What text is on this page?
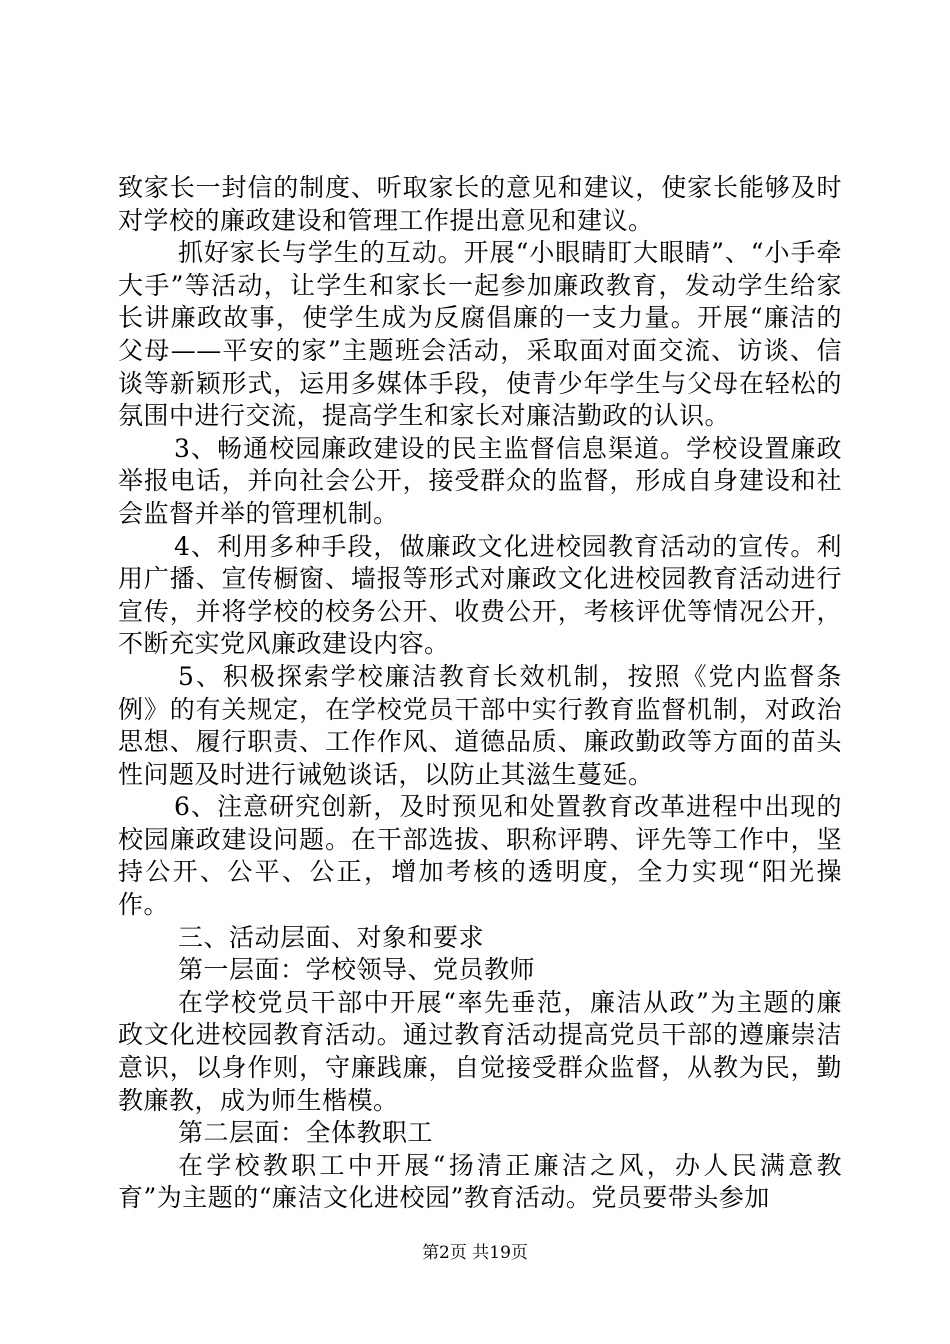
致家长一封信的制度、听取家长的意见和建议，使家长能够及时对学校的廉政建设和管理工作提出意见和建议。

抓好家长与学生的互动。开展“小眼睛盯大眼睛”、“小手牵大手”等活动，让学生和家长一起参加廉政教育，发动学生给家长讲廉政故事，使学生成为反腐倡廉的一支力量。开展“廉洁的父母——平安的家”主题班会活动，采取面对面交流、访谈、信谈等新颖形式，运用多媒体手段，使青少年学生与父母在轻松的氛围中进行交流，提高学生和家长对廉洁勤政的认识。

3、畅通校园廉政建设的民主监督信息渠道。学校设置廉政举报电话，并向社会公开，接受群众的监督，形成自身建设和社会监督并举的管理机制。

4、利用多种手段，做廉政文化进校园教育活动的宣传。利用广播、宣传橱窗、墙报等形式对廉政文化进校园教育活动进行宣传，并将学校的校务公开、收费公开，考核评优等情况公开，不断充实党风廉政建设内容。

5、积极探索学校廉洁教育长效机制，按照《党内监督条例》的有关规定，在学校党员干部中实行教育监督机制，对政治思想、履行职责、工作作风、道德品质、廉政勤政等方面的苗头性问题及时进行诫勉谈话，以防止其滋生蔓延。

6、注意研究创新，及时预见和处置教育改革进程中出现的校园廉政建设问题。在干部选拔、职称评聘、评先等工作中，坚持公开、公平、公正，增加考核的透明度，全力实现“阳光操作。

三、活动层面、对象和要求

第一层面：学校领导、党员教师

在学校党员干部中开展“率先垂范，廉洁从政”为主题的廉政文化进校园教育活动。通过教育活动提高党员干部的遵廉崇洁意识，以身作则，守廉践廉，自觉接受群众监督，从教为民，勤教廉教，成为师生楷模。

第二层面：全体教职工

在学校教职工中开展“扬清正廉洁之风，办人民满意教育”为主题的“廉洁文化进校园”教育活动。党员要带头参加

第2页 共19页
